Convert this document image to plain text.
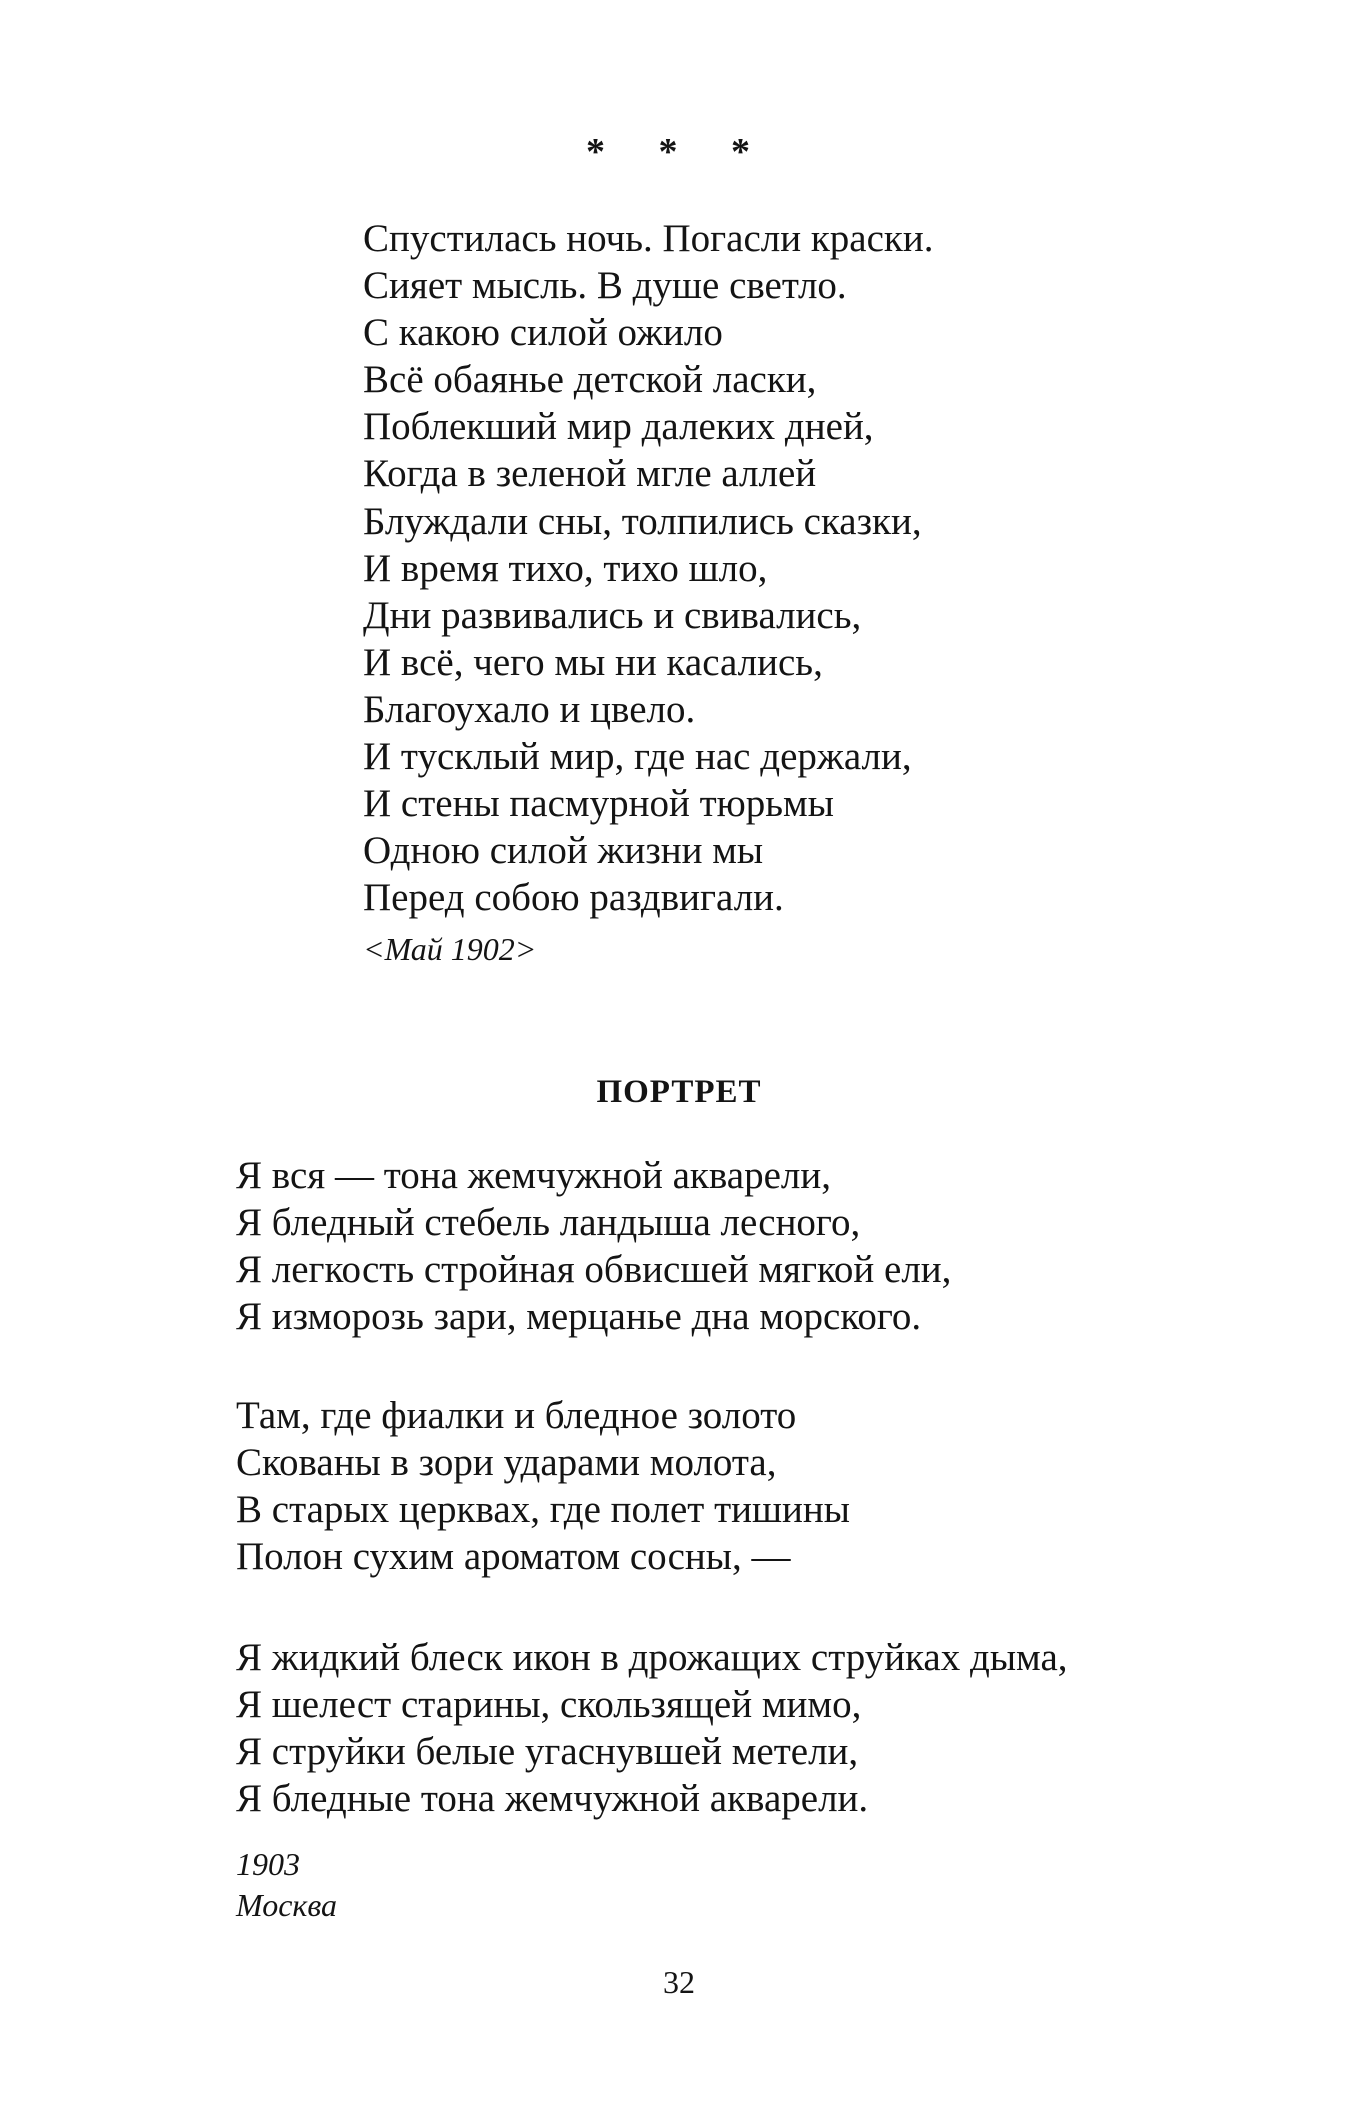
* * *
Спустилась ночь. Погасли краски.
Сияет мысль. В душе светло.
С какою силой ожило
Всё обаянье детской ласки,
Поблекший мир далеких дней,
Когда в зеленой мгле аллей
Блуждали сны, толпились сказки,
И время тихо, тихо шло,
Дни развивались и свивались,
И всё, чего мы ни касались,
Благоухало и цвело.
И тусклый мир, где нас держали,
И стены пасмурной тюрьмы
Одною силой жизни мы
Перед собою раздвигали.
<Май 1902>
ПОРТРЕТ
Я вся — тона жемчужной акварели,
Я бледный стебель ландыша лесного,
Я легкость стройная обвисшей мягкой ели,
Я изморозь зари, мерцанье дна морского.
Там, где фиалки и бледное золото
Скованы в зори ударами молота,
В старых церквах, где полет тишины
Полон сухим ароматом сосны, —
Я жидкий блеск икон в дрожащих струйках дыма,
Я шелест старины, скользящей мимо,
Я струйки белые угаснувшей метели,
Я бледные тона жемчужной акварели.
1903
Москва
32
